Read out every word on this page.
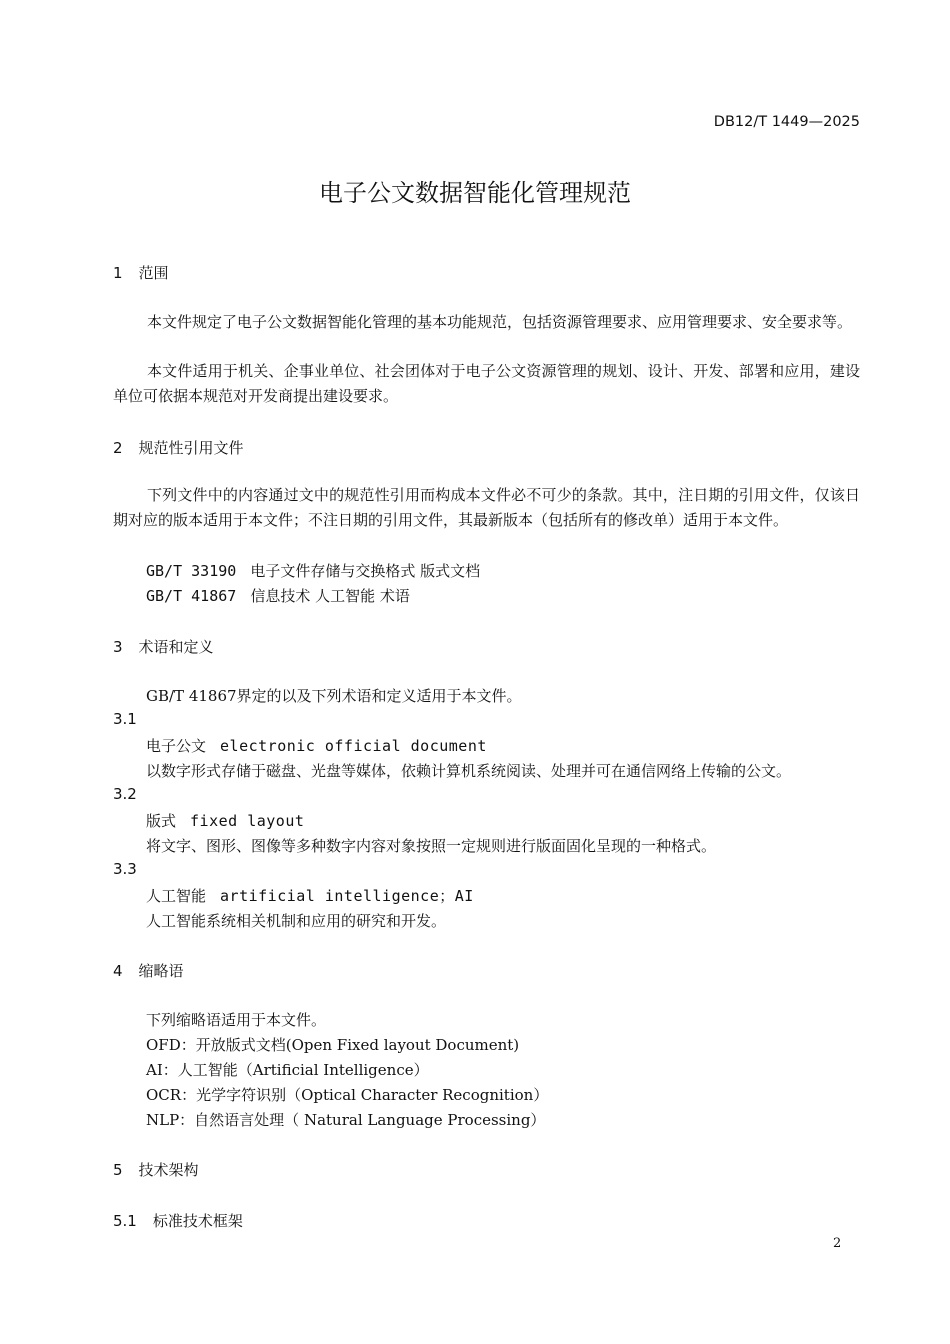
DB12/T 1449—2025
电子公文数据智能化管理规范
1 范围
本文件规定了电子公文数据智能化管理的基本功能规范，包括资源管理要求、应用管理要求、安全要求等。
本文件适用于机关、企事业单位、社会团体对于电子公文资源管理的规划、设计、开发、部署和应用，建设单位可依据本规范对开发商提出建设要求。
2 规范性引用文件
下列文件中的内容通过文中的规范性引用而构成本文件必不可少的条款。其中，注日期的引用文件，仅该日期对应的版本适用于本文件；不注日期的引用文件，其最新版本（包括所有的修改单）适用于本文件。
GB/T 33190 电子文件存储与交换格式 版式文档
GB/T 41867 信息技术 人工智能 术语
3 术语和定义
GB/T 41867界定的以及下列术语和定义适用于本文件。
3.1
电子公文 electronic official document
以数字形式存储于磁盘、光盘等媒体，依赖计算机系统阅读、处理并可在通信网络上传输的公文。
3.2
版式 fixed layout
将文字、图形、图像等多种数字内容对象按照一定规则进行版面固化呈现的一种格式。
3.3
人工智能 artificial intelligence；AI
人工智能系统相关机制和应用的研究和开发。
4 缩略语
下列缩略语适用于本文件。
OFD：开放版式文档(Open Fixed layout Document)
AI：人工智能（Artificial Intelligence）
OCR：光学字符识别（Optical Character Recognition）
NLP：自然语言处理（ Natural Language Processing）
5 技术架构
5.1 标准技术框架
2
